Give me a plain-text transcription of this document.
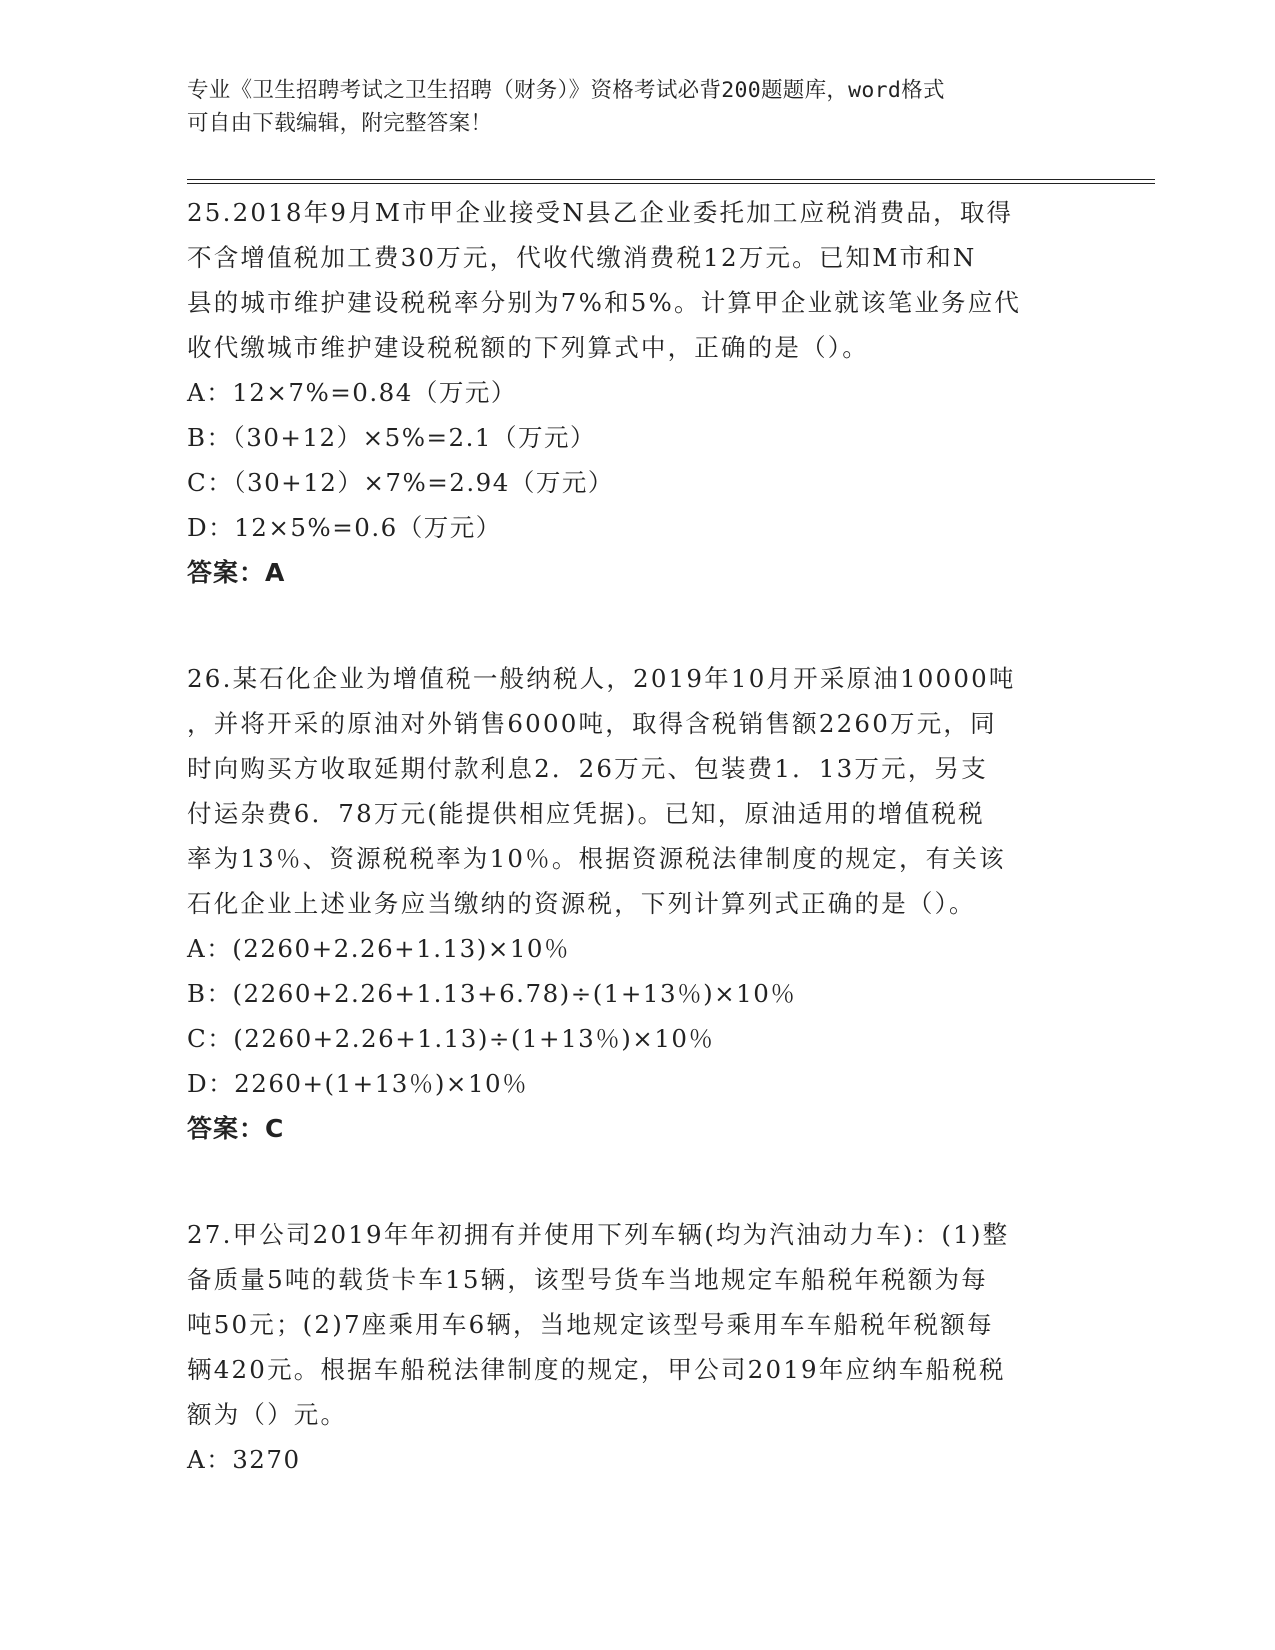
专业《卫生招聘考试之卫生招聘（财务）》资格考试必背200题题库，word格式
可自由下载编辑，附完整答案！
25.2018年9月M市甲企业接受N县乙企业委托加工应税消费品，取得
不含增值税加工费30万元，代收代缴消费税12万元。已知M市和N
县的城市维护建设税税率分别为7%和5%。计算甲企业就该笔业务应代
收代缴城市维护建设税税额的下列算式中，正确的是（）。
A：12×7%=0.84（万元）
B：（30+12）×5%=2.1（万元）
C：（30+12）×7%=2.94（万元）
D：12×5%=0.6（万元）
答案：A
26.某石化企业为增值税一般纳税人，2019年10月开采原油10000吨
，并将开采的原油对外销售6000吨，取得含税销售额2260万元，同
时向购买方收取延期付款利息2．26万元、包装费1．13万元，另支
付运杂费6．78万元(能提供相应凭据)。已知，原油适用的增值税税
率为13％、资源税税率为10％。根据资源税法律制度的规定，有关该
石化企业上述业务应当缴纳的资源税，下列计算列式正确的是（）。
A：(2260+2.26+1.13)×10％
B：(2260+2.26+1.13+6.78)÷(1+13％)×10％
C：(2260+2.26+1.13)÷(1+13％)×10％
D：2260+(1+13％)×10％
答案：C
27.甲公司2019年年初拥有并使用下列车辆(均为汽油动力车)：(1)整
备质量5吨的载货卡车15辆，该型号货车当地规定车船税年税额为每
吨50元；(2)7座乘用车6辆，当地规定该型号乘用车车船税年税额每
辆420元。根据车船税法律制度的规定，甲公司2019年应纳车船税税
额为（）元。
A：3270
